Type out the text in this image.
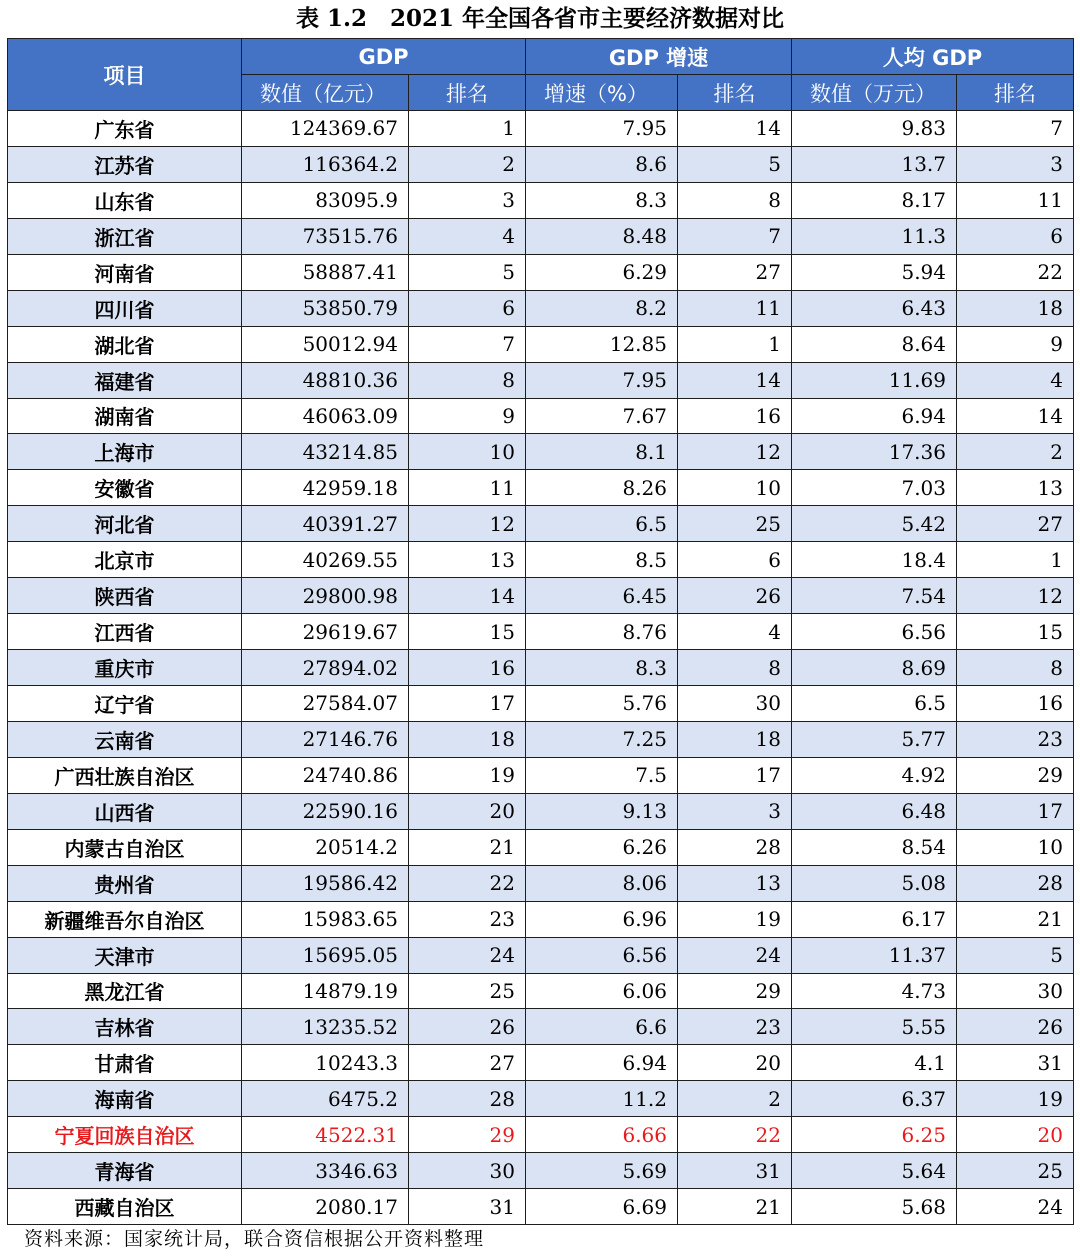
表 1.2　2021 年全国各省市主要经济数据对比
项目	GDP		GDP 增速		人均 GDP	
	数值（亿元）	排名	增速（%）	排名	数值（万元）	排名
广东省	124369.67	1	7.95	14	9.83	7
江苏省	116364.2	2	8.6	5	13.7	3
山东省	83095.9	3	8.3	8	8.17	11
浙江省	73515.76	4	8.48	7	11.3	6
河南省	58887.41	5	6.29	27	5.94	22
四川省	53850.79	6	8.2	11	6.43	18
湖北省	50012.94	7	12.85	1	8.64	9
福建省	48810.36	8	7.95	14	11.69	4
湖南省	46063.09	9	7.67	16	6.94	14
上海市	43214.85	10	8.1	12	17.36	2
安徽省	42959.18	11	8.26	10	7.03	13
河北省	40391.27	12	6.5	25	5.42	27
北京市	40269.55	13	8.5	6	18.4	1
陕西省	29800.98	14	6.45	26	7.54	12
江西省	29619.67	15	8.76	4	6.56	15
重庆市	27894.02	16	8.3	8	8.69	8
辽宁省	27584.07	17	5.76	30	6.5	16
云南省	27146.76	18	7.25	18	5.77	23
广西壮族自治区	24740.86	19	7.5	17	4.92	29
山西省	22590.16	20	9.13	3	6.48	17
内蒙古自治区	20514.2	21	6.26	28	8.54	10
贵州省	19586.42	22	8.06	13	5.08	28
新疆维吾尔自治区	15983.65	23	6.96	19	6.17	21
天津市	15695.05	24	6.56	24	11.37	5
黑龙江省	14879.19	25	6.06	29	4.73	30
吉林省	13235.52	26	6.6	23	5.55	26
甘肃省	10243.3	27	6.94	20	4.1	31
海南省	6475.2	28	11.2	2	6.37	19
宁夏回族自治区	4522.31	29	6.66	22	6.25	20
青海省	3346.63	30	5.69	31	5.64	25
西藏自治区	2080.17	31	6.69	21	5.68	24
资料来源：国家统计局，联合资信根据公开资料整理
